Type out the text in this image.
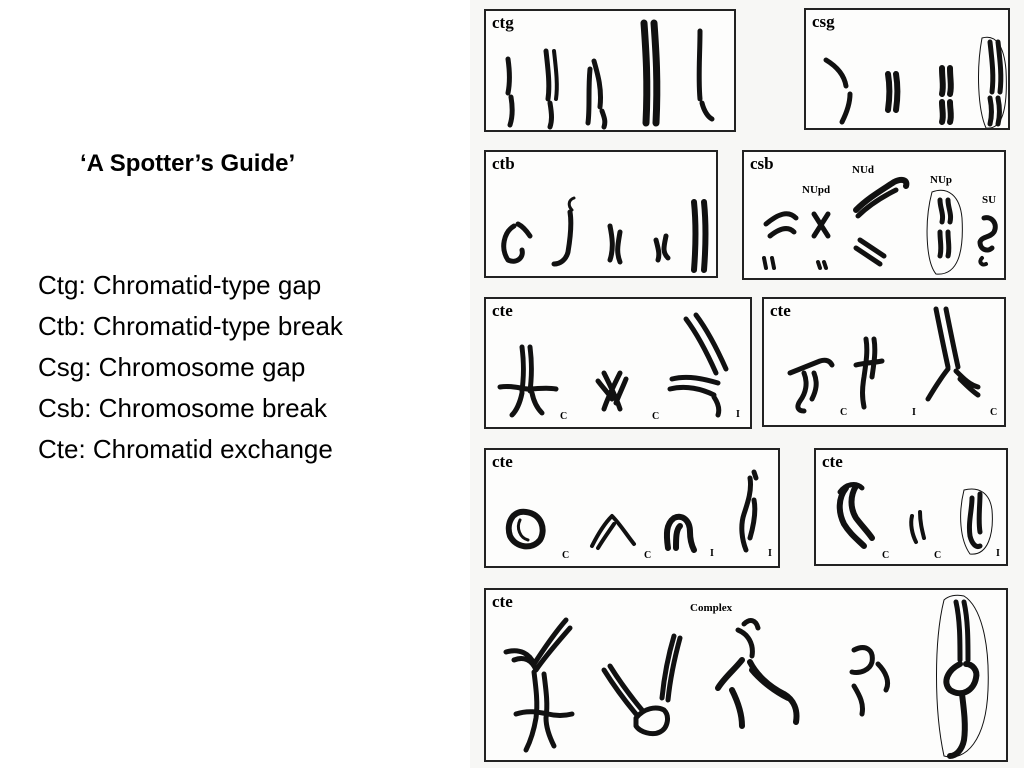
‘A Spotter’s Guide’
Ctg: Chromatid-type gap
Ctb: Chromatid-type break
Csg: Chromosome gap
Csb: Chromosome break
Cte: Chromatid exchange
ctg	csg
ctb	csb
NUpd
NUd
NUp
SU
cte
C	C	I
cte
C	I	C
cte
C	C	I	I
cte
C	C	I
cte	Complex
